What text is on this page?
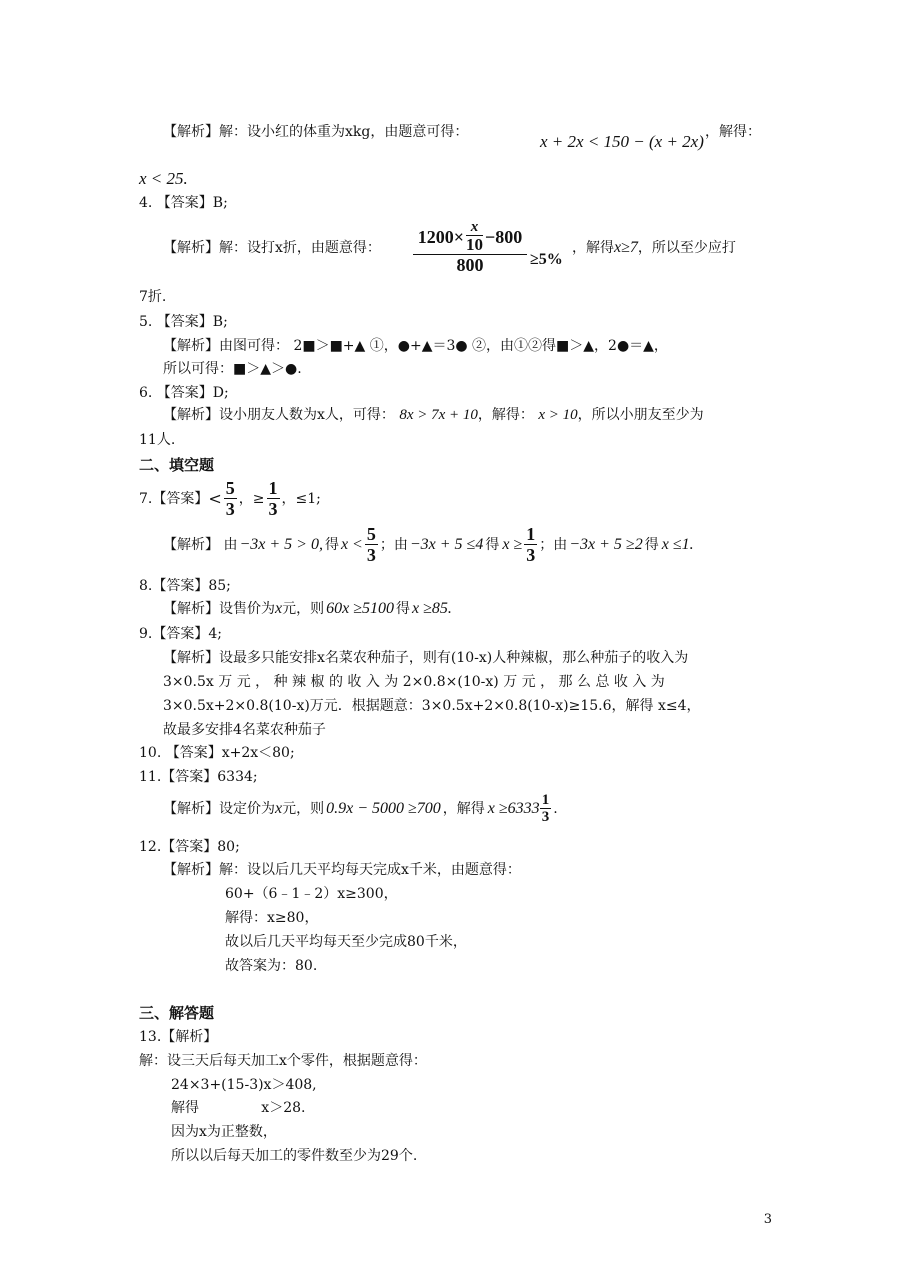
【解析】解：设小红的体重为xkg，由题意可得：	x + 2x < 150 − (x + 2x) ，解得：
x < 25.
4. 【答案】B;
【解析】解：设打x折，由题意得： $\frac{1200\times \frac{x}{10} -800}{800} \ge 5\%$
，解得x≥7，所以至少应打
7折.
5. 【答案】B;
【解析】由图可得： 2■＞■+▲ ①，●+▲＝3● ②，由①②得■＞▲，2●＝▲，
所以可得：■＞▲＞●.
6. 【答案】D;
【解析】设小朋友人数为x人，可得： 8x > 7x + 10，解得： x > 10，所以小朋友至少为
11人.
二、填空题
7.【答案】 < $\frac{5}{3}$ ， ≥ $\frac{1}{3}$ ，≤1;
【解析】 由 −3x + 5 > 0, 得 $x < \frac{5}{3}$ ；由 −3x + 5 ≤4 得 $x \ge \frac{1}{3}$ ；由 −3x + 5 ≥2 得 x ≤1.
8.【答案】85;
【解析】设售价为x元，则 60x ≥5100 得 x ≥85.
9.【答案】4;
【解析】设最多只能安排x名菜农种茄子，则有(10-x)人种辣椒，那么种茄子的收入为
3×0.5x 万 元 ， 种 辣 椒 的 收 入 为 2×0.8×(10-x) 万 元 ， 那 么 总 收 入 为
3×0.5x+2×0.8(10-x)万元．根据题意：3×0.5x+2×0.8(10-x)≥15.6，解得 x≤4，
故最多安排4名菜农种茄子
10. 【答案】x+2x＜80;
11.【答案】6334;
【解析】设定价为 x 元，则 0.9x − 5000 ≥700 ，解得 $x \ge 6333 \frac{1}{3}$ .
12.【答案】80;
【解析】解：设以后几天平均每天完成x千米，由题意得：
60+（6﹣1﹣2）x≥300，
解得：x≥80，
故以后几天平均每天至少完成80千米，
故答案为：80.
三、解答题
13.【解析】
解：设三天后每天加工x个零件，根据题意得：
24×3+(15-3)x＞408,
解得              x＞28.
因为x为正整数，
所以以后每天加工的零件数至少为29个.
3
